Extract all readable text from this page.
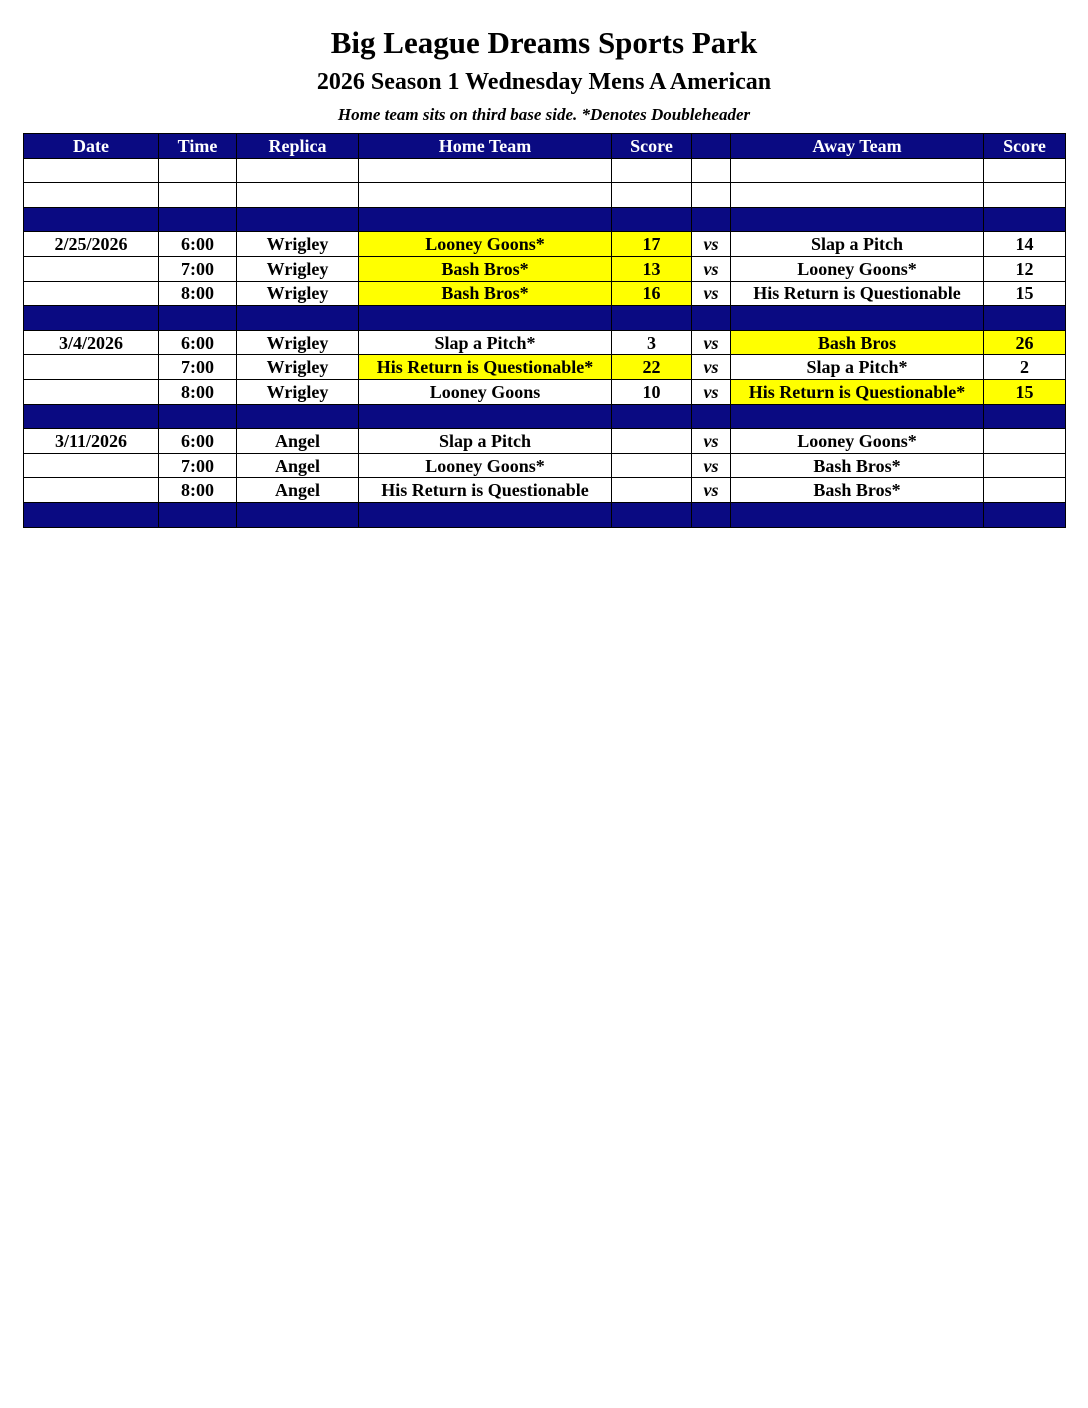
Big League Dreams Sports Park
2026 Season 1 Wednesday Mens A American
Home team sits on third base side. *Denotes Doubleheader
Date	Time	Replica	Home Team	Score		Away Team	Score

2/25/2026	6:00	Wrigley	Looney Goons*	17	vs	Slap a Pitch	14
	7:00	Wrigley	Bash Bros*	13	vs	Looney Goons*	12
	8:00	Wrigley	Bash Bros*	16	vs	His Return is Questionable	15

3/4/2026	6:00	Wrigley	Slap a Pitch*	3	vs	Bash Bros	26
	7:00	Wrigley	His Return is Questionable*	22	vs	Slap a Pitch*	2
	8:00	Wrigley	Looney Goons	10	vs	His Return is Questionable*	15

3/11/2026	6:00	Angel	Slap a Pitch		vs	Looney Goons*	
	7:00	Angel	Looney Goons*		vs	Bash Bros*	
	8:00	Angel	His Return is Questionable		vs	Bash Bros*	
